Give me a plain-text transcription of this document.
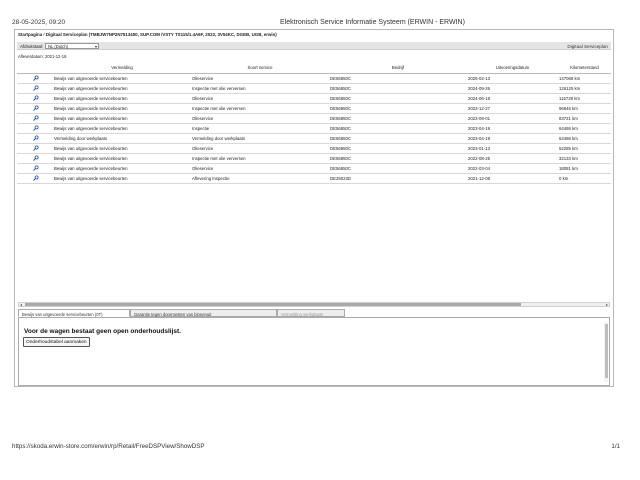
28-05-2025, 09:20	Elektronisch Service Informatie Systeem (ERWIN - ERWIN)
Startpagina / Digitaal Serviceplan (TMBJW7NP2N7513400, SUP.COM /VSTY TS115/1.4A6F, 2022, 3V54KC, DGEB, UGB, erwin)
Afdrukstaal:	NL (Dutch)	▾	Digitaal Serviceplan
Afleverdatum: 2021-12-18
	Vermelding	Soort service	Bedrijf	Uitvoeringsdatum	Kilometerstand
	Bewijs van uitgevoerde servicebeurten	Olieservice	DE56850C	2025-02-13	147068 km
	Bewijs van uitgevoerde servicebeurten	Inspectie met olie verversen	DE56850C	2024-09-26	126125 km
	Bewijs van uitgevoerde servicebeurten	Olieservice	DE56850C	2024-06-18	115728 km
	Bewijs van uitgevoerde servicebeurten	Inspectie met olie verversen	DE56850C	2023-12-27	96946 km
	Bewijs van uitgevoerde servicebeurten	Olieservice	DE56850C	2023-09-01	83721 km
	Bewijs van uitgevoerde servicebeurten	Inspectie	DE56850C	2023-04-19	64486 km
	Vermelding door werkplaats	Vermelding door werkplaats	DE56850C	2023-04-19	64486 km
	Bewijs van uitgevoerde servicebeurten	Olieservice	DE56850C	2023-01-13	52285 km
	Bewijs van uitgevoerde servicebeurten	Inspectie met olie verversen	DE56850C	2022-08-25	32133 km
	Bewijs van uitgevoerde servicebeurten	Olieservice	DE56850C	2022-03-04	18081 km
	Bewijs van uitgevoerde servicebeurten	Aflevering Inspectie	DE25023D	2021-12-08	0 km
◂	▸
Bewijs van uitgevoerde servicebeurten (0T)	Garantie tegen doorroesten van binnenuit	Vermelding werkplaats
Voor de wagen bestaat geen open onderhoudslijst.
Onderhoudstabel aanmaken
https://skoda.erwin-store.com/erwin/rp/Retail/FreeDSPView/ShowDSP	1/1
